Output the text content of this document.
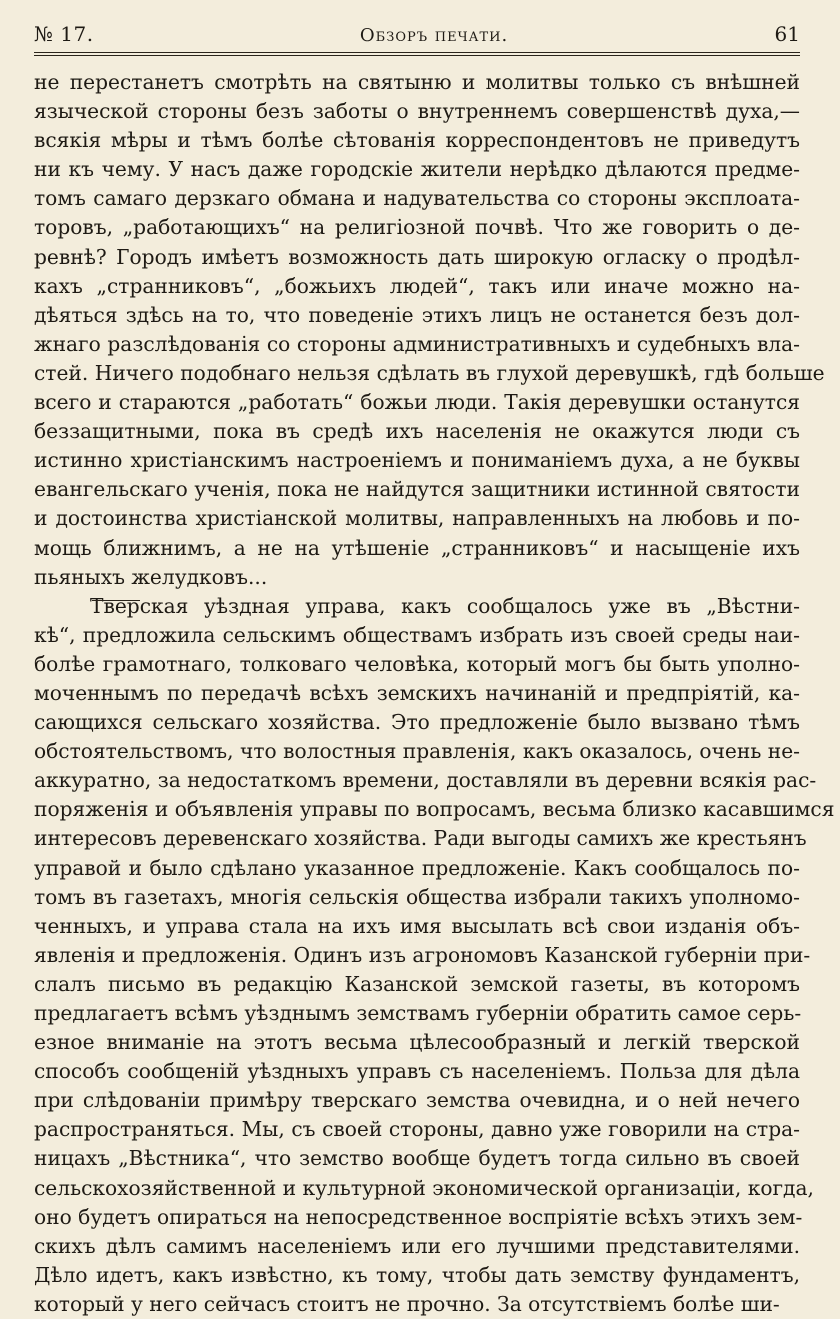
№ 17.	Обзоръ печати.	61
не перестанетъ смотрѣть на святыню и молитвы только съ внѣшней
языческой стороны безъ заботы о внутреннемъ совершенствѣ духа,—
всякія мѣры и тѣмъ болѣе сѣтованія корреспондентовъ не приведутъ
ни къ чему. У насъ даже городскіе жители нерѣдко дѣлаются предме-
томъ самаго дерзкаго обмана и надувательства со стороны эксплоата-
торовъ, „работающихъ“ на религіозной почвѣ. Что же говорить о де-
ревнѣ? Городъ имѣетъ возможность дать широкую огласку о продѣл-
кахъ „странниковъ“, „божьихъ людей“, такъ или иначе можно на-
дѣяться здѣсь на то, что поведеніе этихъ лицъ не останется безъ дол-
жнаго разслѣдованія со стороны административныхъ и судебныхъ вла-
стей. Ничего подобнаго нельзя сдѣлать въ глухой деревушкѣ, гдѣ больше
всего и стараются „работать“ божьи люди. Такія деревушки останутся
беззащитными, пока въ средѣ ихъ населенія не окажутся люди съ
истинно христіанскимъ настроеніемъ и пониманіемъ духа, а не буквы
евангельскаго ученія, пока не найдутся защитники истинной святости
и достоинства христіанской молитвы, направленныхъ на любовь и по-
мощь ближнимъ, а не на утѣшеніе „странниковъ“ и насыщеніе ихъ
пьяныхъ желудковъ...
Тверская уѣздная управа, какъ сообщалось уже въ „Вѣстни-
кѣ“, предложила сельскимъ обществамъ избрать изъ своей среды наи-
болѣе грамотнаго, толковаго человѣка, который могъ бы быть уполно-
моченнымъ по передачѣ всѣхъ земскихъ начинаній и предпріятій, ка-
сающихся сельскаго хозяйства. Это предложеніе было вызвано тѣмъ
обстоятельствомъ, что волостныя правленія, какъ оказалось, очень не-
аккуратно, за недостаткомъ времени, доставляли въ деревни всякія рас-
поряженія и объявленія управы по вопросамъ, весьма близко касавшимся
интересовъ деревенскаго хозяйства. Ради выгоды самихъ же крестьянъ
управой и было сдѣлано указанное предложеніе. Какъ сообщалось по-
томъ въ газетахъ, многія сельскія общества избрали такихъ уполномо-
ченныхъ, и управа стала на ихъ имя высылать всѣ свои изданія объ-
явленія и предложенія. Одинъ изъ агрономовъ Казанской губерніи при-
слалъ письмо въ редакцію Казанской земской газеты, въ которомъ
предлагаетъ всѣмъ уѣзднымъ земствамъ губерніи обратить самое серь-
езное вниманіе на этотъ весьма цѣлесообразный и легкій тверской
способъ сообщеній уѣздныхъ управъ съ населеніемъ. Польза для дѣла
при слѣдованіи примѣру тверскаго земства очевидна, и о ней нечего
распространяться. Мы, съ своей стороны, давно уже говорили на стра-
ницахъ „Вѣстника“, что земство вообще будетъ тогда сильно въ своей
сельскохозяйственной и культурной экономической организаціи, когда,
оно будетъ опираться на непосредственное воспріятіе всѣхъ этихъ зем-
скихъ дѣлъ самимъ населеніемъ или его лучшими представителями.
Дѣло идетъ, какъ извѣстно, къ тому, чтобы дать земству фундаментъ,
который у него сейчасъ стоитъ не прочно. За отсутствіемъ болѣе ши-
